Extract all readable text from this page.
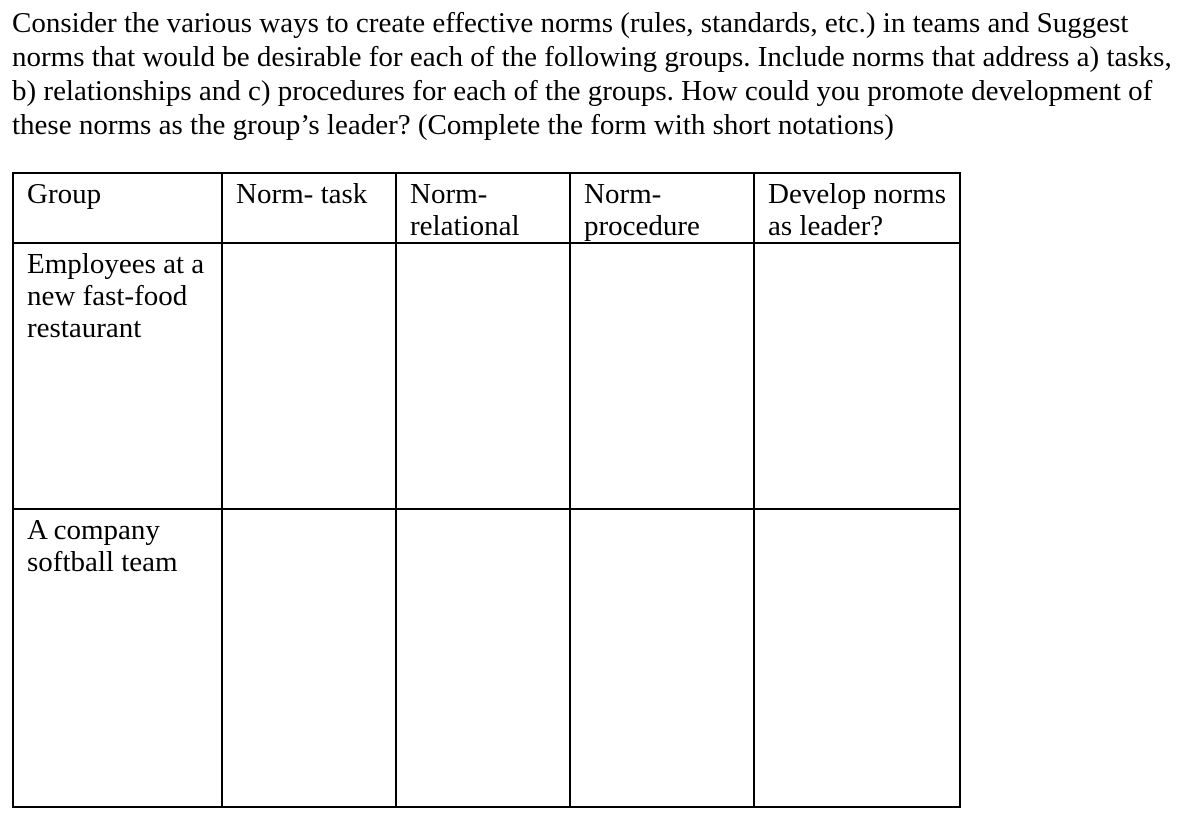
Consider the various ways to create effective norms (rules, standards, etc.) in teams and Suggest norms that would be desirable for each of the following groups. Include norms that address a) tasks, b) relationships and c) procedures for each of the groups. How could you promote development of these norms as the group’s leader? (Complete the form with short notations)

Group	Norm- task	Norm- relational	Norm- procedure	Develop norms as leader?
Employees at a new fast-food restaurant				
A company softball team				
